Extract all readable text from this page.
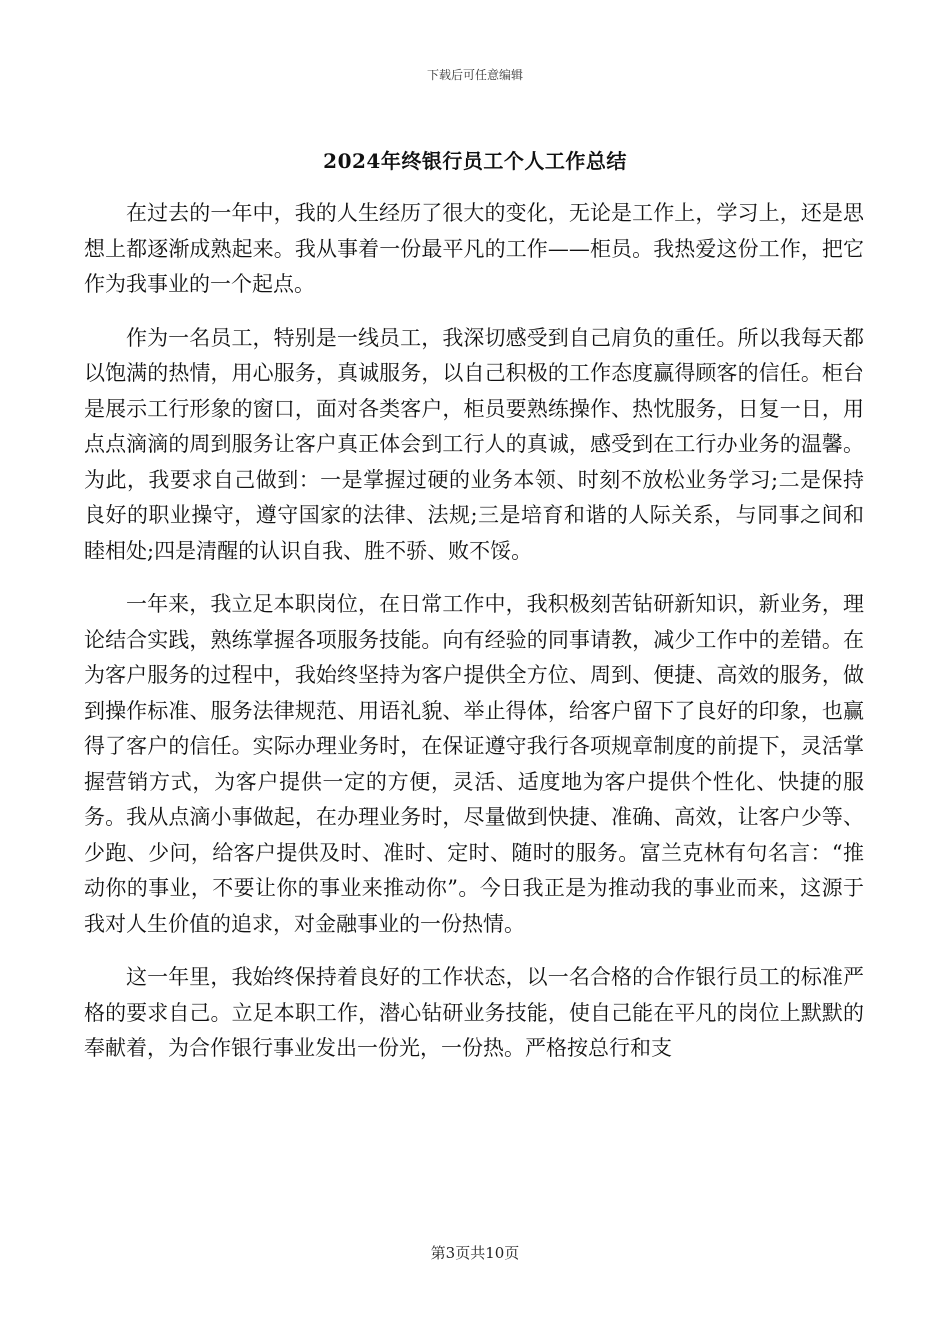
下载后可任意编辑
2024年终银行员工个人工作总结

在过去的一年中，我的人生经历了很大的变化，无论是工作上，学习上，还是思想上都逐渐成熟起来。我从事着一份最平凡的工作——柜员。我热爱这份工作，把它作为我事业的一个起点。

作为一名员工，特别是一线员工，我深切感受到自己肩负的重任。所以我每天都以饱满的热情，用心服务，真诚服务，以自己积极的工作态度赢得顾客的信任。柜台是展示工行形象的窗口，面对各类客户，柜员要熟练操作、热忱服务，日复一日，用点点滴滴的周到服务让客户真正体会到工行人的真诚，感受到在工行办业务的温馨。为此，我要求自己做到：一是掌握过硬的业务本领、时刻不放松业务学习;二是保持良好的职业操守，遵守国家的法律、法规;三是培育和谐的人际关系，与同事之间和睦相处;四是清醒的认识自我、胜不骄、败不馁。

一年来，我立足本职岗位，在日常工作中，我积极刻苦钻研新知识，新业务，理论结合实践，熟练掌握各项服务技能。向有经验的同事请教，减少工作中的差错。在为客户服务的过程中，我始终坚持为客户提供全方位、周到、便捷、高效的服务，做到操作标准、服务法律规范、用语礼貌、举止得体，给客户留下了良好的印象，也赢得了客户的信任。实际办理业务时，在保证遵守我行各项规章制度的前提下，灵活掌握营销方式，为客户提供一定的方便，灵活、适度地为客户提供个性化、快捷的服务。我从点滴小事做起，在办理业务时，尽量做到快捷、准确、高效，让客户少等、少跑、少问，给客户提供及时、准时、定时、随时的服务。富兰克林有句名言：“推动你的事业，不要让你的事业来推动你”。今日我正是为推动我的事业而来，这源于我对人生价值的追求，对金融事业的一份热情。

这一年里，我始终保持着良好的工作状态，以一名合格的合作银行员工的标准严格的要求自己。立足本职工作，潜心钻研业务技能，使自己能在平凡的岗位上默默的奉献着，为合作银行事业发出一份光，一份热。严格按总行和支

第3页共10页
